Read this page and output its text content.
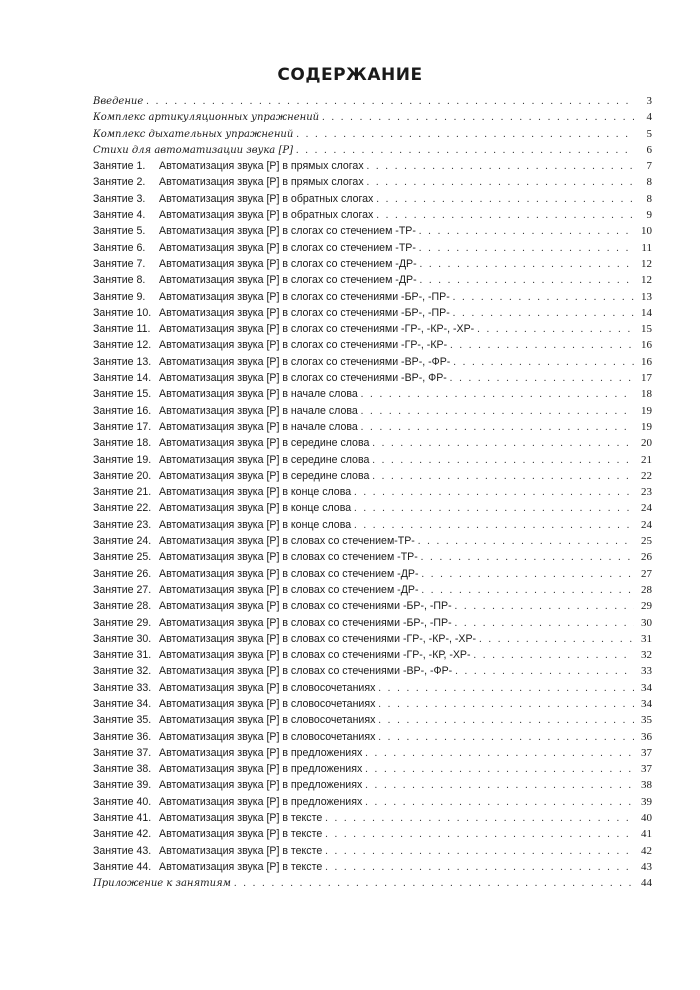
СОДЕРЖАНИЕ
Введение . . .	3
Комплекс артикуляционных упражнений . . .	4
Комплекс дыхательных упражнений . . .	5
Стихи для автоматизации звука [Р] . . .	6
Занятие 1.	Автоматизация звука [Р] в прямых слогах . . .	7
Занятие 2.	Автоматизация звука [Р] в прямых слогах . . .	8
Занятие 3.	Автоматизация звука [Р] в обратных слогах . . .	8
Занятие 4.	Автоматизация звука [Р] в обратных слогах . . .	9
Занятие 5.	Автоматизация звука [Р] в слогах со стечением -ТР- . . .	10
Занятие 6.	Автоматизация звука [Р] в слогах со стечением -ТР- . . .	11
Занятие 7.	Автоматизация звука [Р] в слогах со стечением -ДР- . . .	12
Занятие 8.	Автоматизация звука [Р] в слогах со стечением -ДР- . . .	12
Занятие 9.	Автоматизация звука [Р] в слогах со стечениями -БР-, -ПР- . . .	13
Занятие 10. Автоматизация звука [Р] в слогах со стечениями -БР-, -ПР- . . .	14
Занятие 11. Автоматизация звука [Р] в слогах со стечениями -ГР-, -КР-, -ХР- . . .	15
Занятие 12. Автоматизация звука [Р] в слогах со стечениями -ГР-, -КР- . . .	16
Занятие 13. Автоматизация звука [Р] в слогах со стечениями -ВР-, -ФР- . . .	16
Занятие 14. Автоматизация звука [Р] в слогах со стечениями -ВР-, ФР- . . .	17
Занятие 15. Автоматизация звука [Р] в начале слова . . .	18
Занятие 16. Автоматизация звука [Р] в начале слова . . .	19
Занятие 17. Автоматизация звука [Р] в начале слова . . .	19
Занятие 18. Автоматизация звука [Р] в середине слова . . .	20
Занятие 19. Автоматизация звука [Р] в середине слова . . .	21
Занятие 20. Автоматизация звука [Р] в середине слова . . .	22
Занятие 21. Автоматизация звука [Р] в конце слова . . .	23
Занятие 22. Автоматизация звука [Р] в конце слова . . .	24
Занятие 23. Автоматизация звука [Р] в конце слова . . .	24
Занятие 24. Автоматизация звука [Р] в словах со стечением-ТР- . . .	25
Занятие 25. Автоматизация звука [Р] в словах со стечением -ТР- . . .	26
Занятие 26. Автоматизация звука [Р] в словах со стечением -ДР- . . .	27
Занятие 27. Автоматизация звука [Р] в словах со стечением -ДР- . . .	28
Занятие 28. Автоматизация звука [Р] в словах со стечениями -БР-, -ПР- . . .	29
Занятие 29. Автоматизация звука [Р] в словах со стечениями -БР-, -ПР- . . .	30
Занятие 30. Автоматизация звука [Р] в словах со стечениями -ГР-, -КР-, -ХР- . . .	31
Занятие 31. Автоматизация звука [Р] в словах со стечениями -ГР-, -КР, -ХР- . . .	32
Занятие 32. Автоматизация звука [Р] в словах со стечениями -ВР-, -ФР- . . .	33
Занятие 33. Автоматизация звука [Р] в словосочетаниях . . .	34
Занятие 34. Автоматизация звука [Р] в словосочетаниях . . .	34
Занятие 35. Автоматизация звука [Р] в словосочетаниях . . .	35
Занятие 36. Автоматизация звука [Р] в словосочетаниях . . .	36
Занятие 37. Автоматизация звука [Р] в предложениях . . .	37
Занятие 38. Автоматизация звука [Р] в предложениях . . .	37
Занятие 39. Автоматизация звука [Р] в предложениях . . .	38
Занятие 40. Автоматизация звука [Р] в предложениях . . .	39
Занятие 41. Автоматизация звука [Р] в тексте . . .	40
Занятие 42. Автоматизация звука [Р] в тексте . . .	41
Занятие 43. Автоматизация звука [Р] в тексте . . .	42
Занятие 44. Автоматизация звука [Р] в тексте . . .	43
Приложение к занятиям . . .	44
